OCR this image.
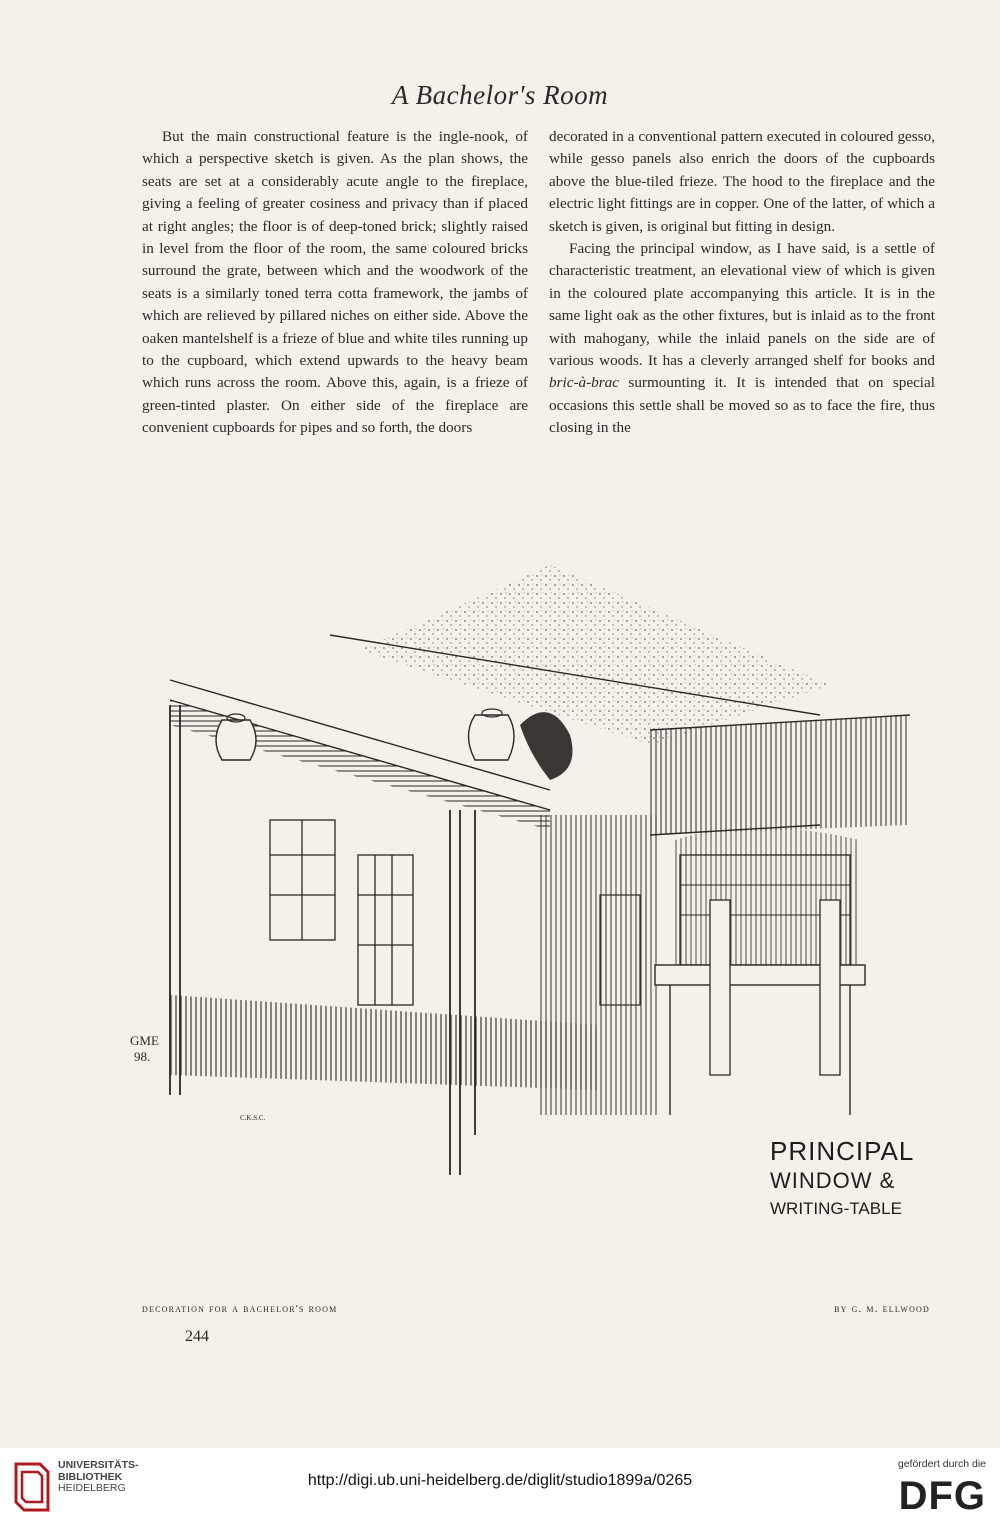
A Bachelor's Room

But the main constructional feature is the ingle-nook, of which a perspective sketch is given. As the plan shows, the seats are set at a considerably acute angle to the fireplace, giving a feeling of greater cosiness and privacy than if placed at right angles; the floor is of deep-toned brick; slightly raised in level from the floor of the room, the same coloured bricks surround the grate, between which and the woodwork of the seats is a similarly toned terra cotta framework, the jambs of which are relieved by pillared niches on either side. Above the oaken mantelshelf is a frieze of blue and white tiles running up to the cupboard, which extend upwards to the heavy beam which runs across the room. Above this, again, is a frieze of green-tinted plaster. On either side of the fireplace are convenient cupboards for pipes and so forth, the doors

decorated in a conventional pattern executed in coloured gesso, while gesso panels also enrich the doors of the cupboards above the blue-tiled frieze. The hood to the fireplace and the electric light fittings are in copper. One of the latter, of which a sketch is given, is original but fitting in design.

Facing the principal window, as I have said, is a settle of characteristic treatment, an elevational view of which is given in the coloured plate accompanying this article. It is in the same light oak as the other fixtures, but is inlaid as to the front with mahogany, while the inlaid panels on the side are of various woods. It has a cleverly arranged shelf for books and bric-à-brac surmounting it. It is intended that on special occasions this settle shall be moved so as to face the fire, thus closing in the

GME
98.
C.K.S.C.
PRINCIPAL
WINDOW &
WRITING-TABLE
decoration for a bachelor's room	by g. m. ellwood
244
UNIVERSITÄTS-
BIBLIOTHEK
HEIDELBERG	http://digi.ub.uni-heidelberg.de/diglit/studio1899a/0265
gefördert durch die
DFG
